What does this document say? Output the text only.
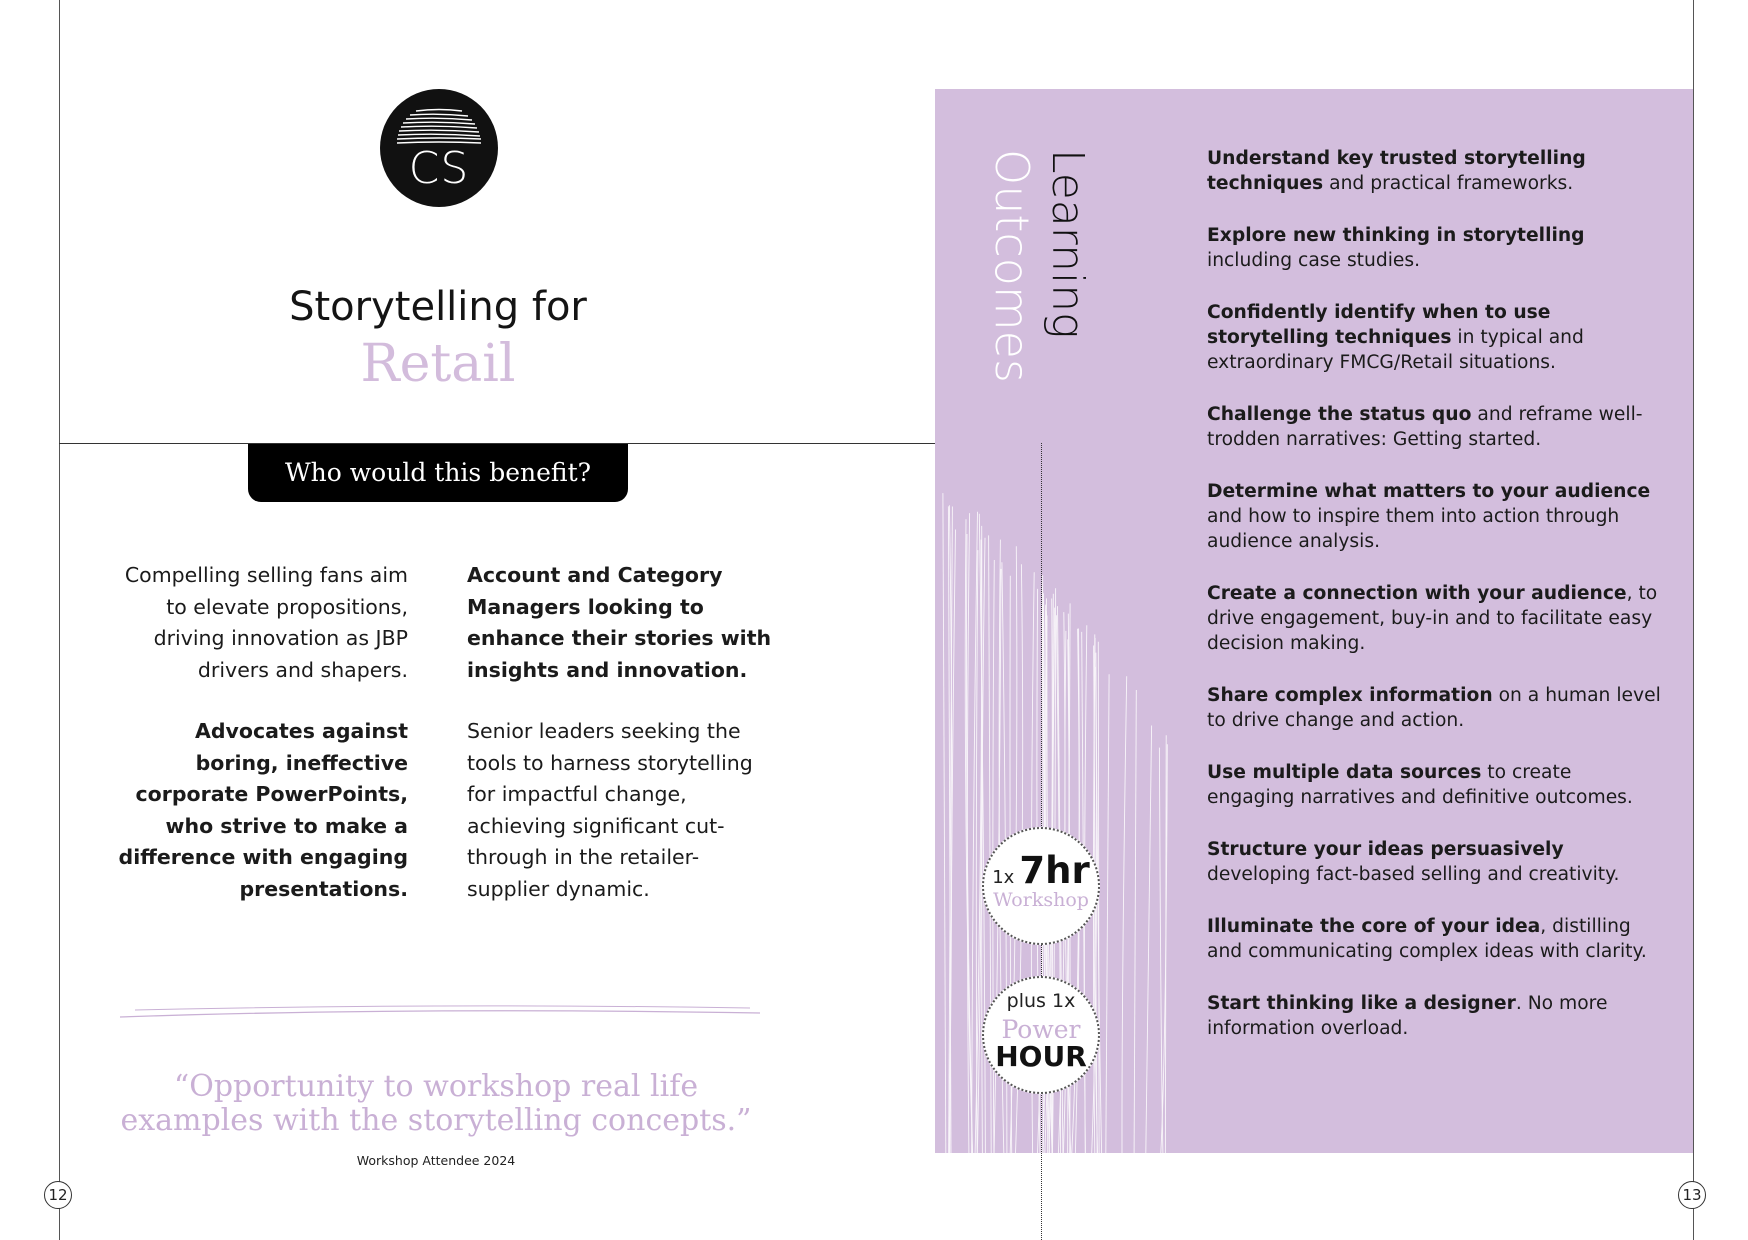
12	13
CS
Storytelling for
Retail
Who would this benefit?

Compelling selling fans aim to elevate propositions, driving innovation as JBP drivers and shapers.

Advocates against boring, ineffective corporate PowerPoints, who strive to make a difference with engaging presentations.

Account and Category Managers looking to enhance their stories with insights and innovation.

Senior leaders seeking the tools to harness storytelling for impactful change, achieving significant cut-through in the retailer-supplier dynamic.

“Opportunity to workshop real life examples with the storytelling concepts.”
Workshop Attendee 2024
Learning
Outcomes	Understand key trusted storytelling techniques and practical frameworks.

Explore new thinking in storytelling including case studies.

Confidently identify when to use storytelling techniques in typical and extraordinary FMCG/Retail situations.

Challenge the status quo and reframe well-trodden narratives: Getting started.

Determine what matters to your audience and how to inspire them into action through audience analysis.

Create a connection with your audience, to drive engagement, buy-in and to facilitate easy decision making.

Share complex information on a human level to drive change and action.

Use multiple data sources to create engaging narratives and definitive outcomes.

Structure your ideas persuasively developing fact-based selling and creativity.

Illuminate the core of your idea, distilling and communicating complex ideas with clarity.

Start thinking like a designer. No more information overload.

1x 7hr
Workshop
plus 1x
Power
HOUR
